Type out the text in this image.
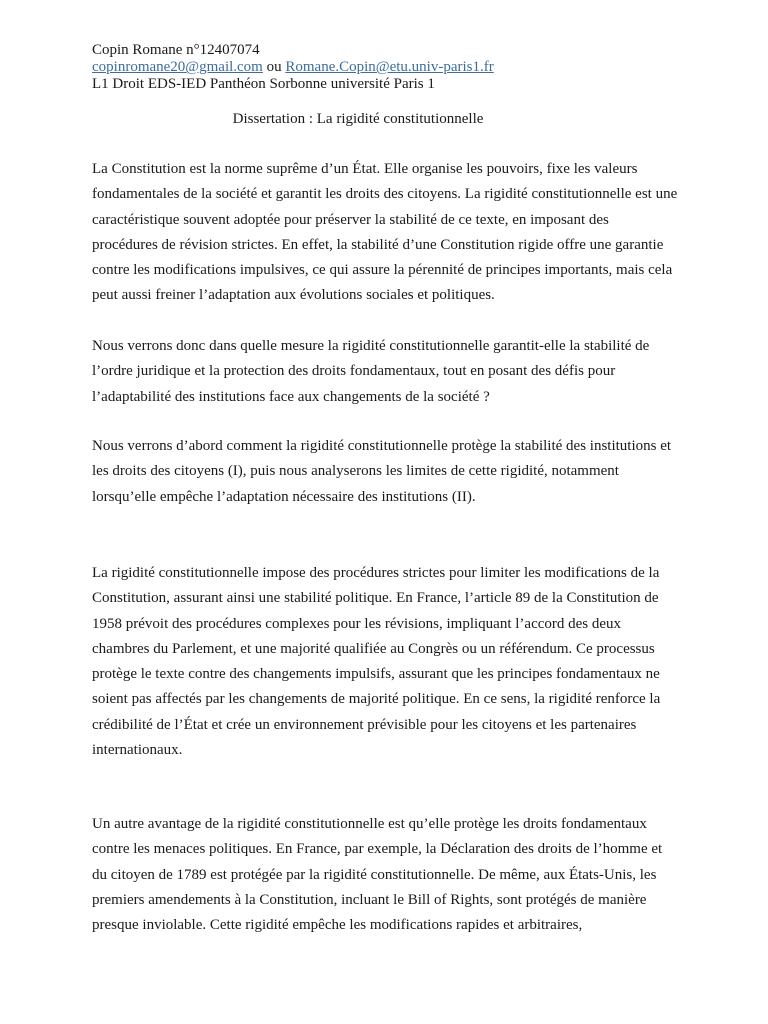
Copin Romane n°12407074
copinromane20@gmail.com ou Romane.Copin@etu.univ-paris1.fr
L1 Droit EDS-IED Panthéon Sorbonne université Paris 1
Dissertation : La rigidité constitutionnelle

La Constitution est la norme suprême d’un État. Elle organise les pouvoirs, fixe les valeurs fondamentales de la société et garantit les droits des citoyens. La rigidité constitutionnelle est une caractéristique souvent adoptée pour préserver la stabilité de ce texte, en imposant des procédures de révision strictes. En effet, la stabilité d’une Constitution rigide offre une garantie contre les modifications impulsives, ce qui assure la pérennité de principes importants, mais cela peut aussi freiner l’adaptation aux évolutions sociales et politiques.

Nous verrons donc dans quelle mesure la rigidité constitutionnelle garantit-elle la stabilité de l’ordre juridique et la protection des droits fondamentaux, tout en posant des défis pour l’adaptabilité des institutions face aux changements de la société ?

Nous verrons d’abord comment la rigidité constitutionnelle protège la stabilité des institutions et les droits des citoyens (I), puis nous analyserons les limites de cette rigidité, notamment lorsqu’elle empêche l’adaptation nécessaire des institutions (II).

La rigidité constitutionnelle impose des procédures strictes pour limiter les modifications de la Constitution, assurant ainsi une stabilité politique. En France, l’article 89 de la Constitution de 1958 prévoit des procédures complexes pour les révisions, impliquant l’accord des deux chambres du Parlement, et une majorité qualifiée au Congrès ou un référendum. Ce processus protège le texte contre des changements impulsifs, assurant que les principes fondamentaux ne soient pas affectés par les changements de majorité politique. En ce sens, la rigidité renforce la crédibilité de l’État et crée un environnement prévisible pour les citoyens et les partenaires internationaux.

Un autre avantage de la rigidité constitutionnelle est qu’elle protège les droits fondamentaux contre les menaces politiques. En France, par exemple, la Déclaration des droits de l’homme et du citoyen de 1789 est protégée par la rigidité constitutionnelle. De même, aux États-Unis, les premiers amendements à la Constitution, incluant le Bill of Rights, sont protégés de manière presque inviolable. Cette rigidité empêche les modifications rapides et arbitraires,
